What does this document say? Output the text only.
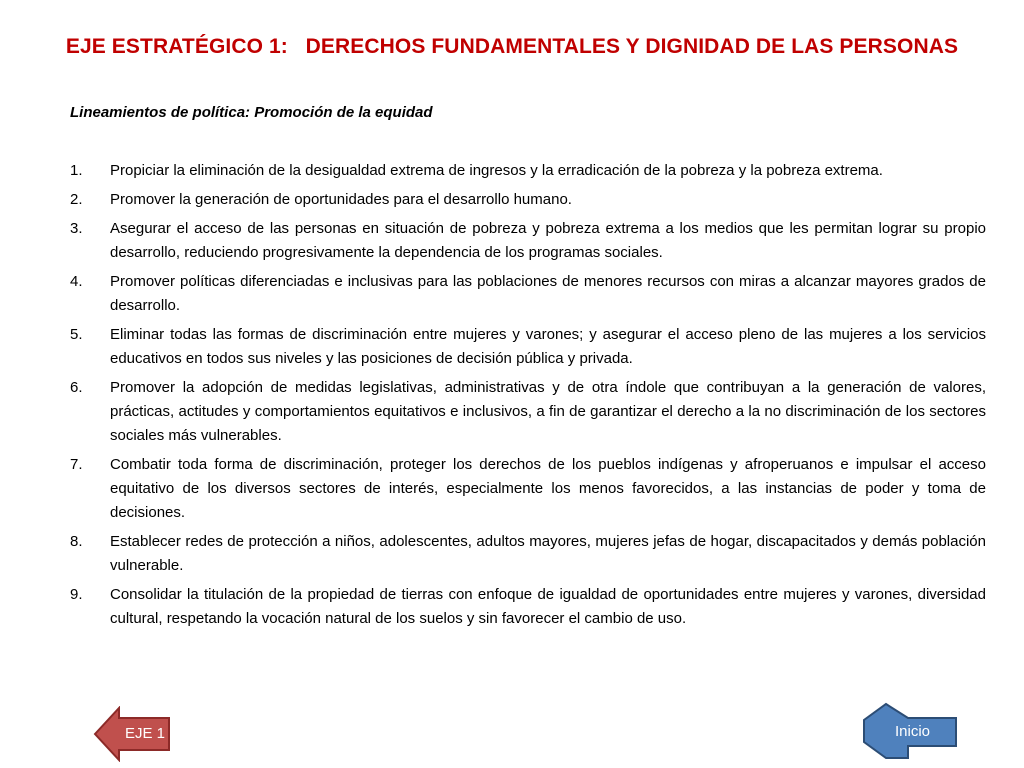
EJE ESTRATÉGICO 1:   DERECHOS FUNDAMENTALES Y DIGNIDAD DE LAS PERSONAS

Lineamientos de política: Promoción de la equidad

1. Propiciar la eliminación de la desigualdad extrema de ingresos y la erradicación de la pobreza y la pobreza extrema.
2. Promover la generación de oportunidades para el desarrollo humano.
3. Asegurar el acceso de las personas en situación de pobreza y pobreza extrema a los medios que les permitan lograr su propio desarrollo, reduciendo progresivamente la dependencia de los programas sociales.
4. Promover políticas diferenciadas e inclusivas para las poblaciones de menores recursos con miras a alcanzar mayores grados de desarrollo.
5. Eliminar todas las formas de discriminación entre mujeres y varones; y asegurar el acceso pleno de las mujeres a los servicios educativos en todos sus niveles y las posiciones de decisión pública y privada.
6. Promover la adopción de medidas legislativas, administrativas y de otra índole que contribuyan a la generación de valores, prácticas, actitudes y comportamientos equitativos e inclusivos, a fin de garantizar el derecho a la no discriminación de los sectores sociales más vulnerables.
7. Combatir toda forma de discriminación, proteger los derechos de los pueblos indígenas y afroperuanos e impulsar el acceso equitativo de los diversos sectores de interés, especialmente los menos favorecidos, a las instancias de poder y toma de decisiones.
8. Establecer redes de protección a niños, adolescentes, adultos mayores, mujeres jefas de hogar, discapacitados y demás población vulnerable.
9. Consolidar la titulación de la propiedad de tierras con enfoque de igualdad de oportunidades entre mujeres y varones, diversidad cultural, respetando la vocación natural de los suelos y sin favorecer el cambio de uso.
EJE 1	Inicio
